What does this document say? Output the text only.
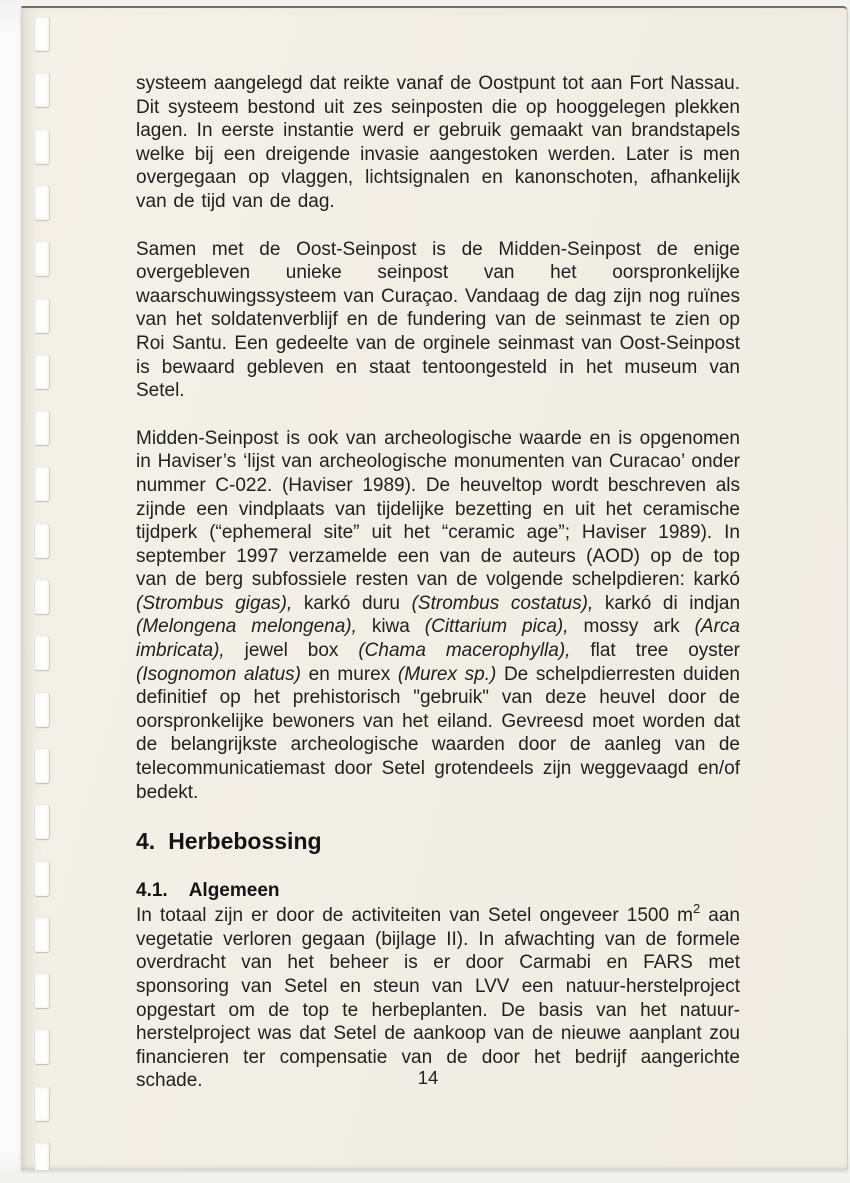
systeem aangelegd dat reikte vanaf de Oostpunt tot aan Fort Nassau. Dit systeem bestond uit zes seinposten die op hooggelegen plekken lagen. In eerste instantie werd er gebruik gemaakt van brandstapels welke bij een dreigende invasie aangestoken werden. Later is men overgegaan op vlaggen, lichtsignalen en kanonschoten, afhankelijk van de tijd van de dag.

Samen met de Oost-Seinpost is de Midden-Seinpost de enige overgebleven unieke seinpost van het oorspronkelijke waarschuwingssysteem van Curaçao. Vandaag de dag zijn nog ruïnes van het soldatenverblijf en de fundering van de seinmast te zien op Roi Santu. Een gedeelte van de orginele seinmast van Oost-Seinpost is bewaard gebleven en staat tentoongesteld in het museum van Setel.

Midden-Seinpost is ook van archeologische waarde en is opgenomen in Haviser’s ‘lijst van archeologische monumenten van Curacao’ onder nummer C-022. (Haviser 1989). De heuveltop wordt beschreven als zijnde een vindplaats van tijdelijke bezetting en uit het ceramische tijdperk (“ephemeral site” uit het “ceramic age”; Haviser 1989). In september 1997 verzamelde een van de auteurs (AOD) op de top van de berg subfossiele resten van de volgende schelpdieren: karkó (Strombus gigas), karkó duru (Strombus costatus), karkó di indjan (Melongena melongena), kiwa (Cittarium pica), mossy ark (Arca imbricata), jewel box (Chama macerophylla), flat tree oyster (Isognomon alatus) en murex (Murex sp.) De schelpdierresten duiden definitief op het prehistorisch "gebruik" van deze heuvel door de oorspronkelijke bewoners van het eiland. Gevreesd moet worden dat de belangrijkste archeologische waarden door de aanleg van de telecommunicatiemast door Setel grotendeels zijn weggevaagd en/of bedekt.

4. Herbebossing
4.1. Algemeen

In totaal zijn er door de activiteiten van Setel ongeveer 1500 $m^2$ aan vegetatie verloren gegaan (bijlage II). In afwachting van de formele overdracht van het beheer is er door Carmabi en FARS met sponsoring van Setel en steun van LVV een natuur-herstelproject opgestart om de top te herbeplanten. De basis van het natuur-herstelproject was dat Setel de aankoop van de nieuwe aanplant zou financieren ter compensatie van de door het bedrijf aangerichte schade.	14
